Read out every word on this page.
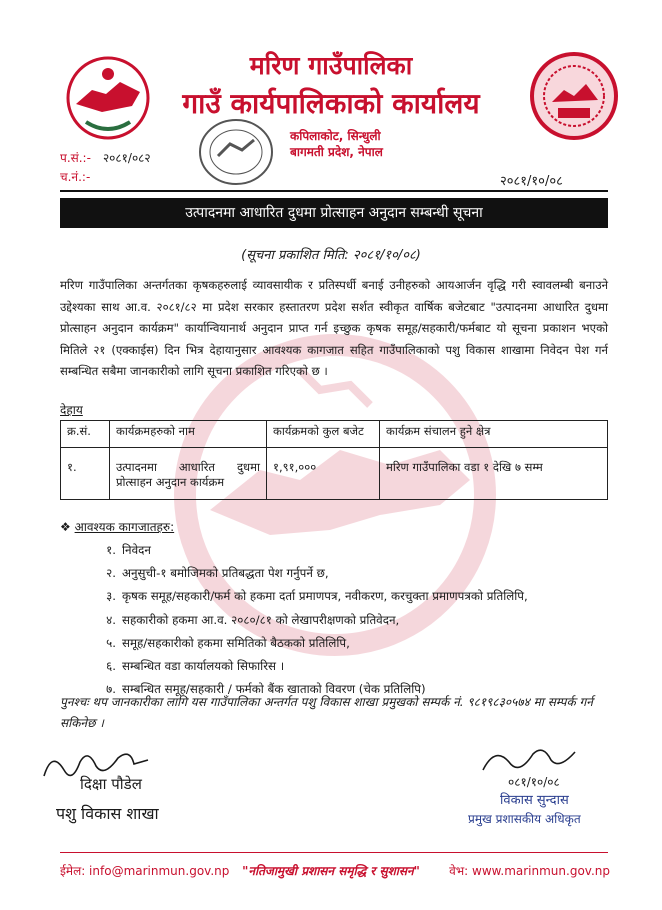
मरिण गाउँपालिका
गाउँ कार्यपालिकाको कार्यालय
कपिलाकोट, सिन्धुली
बागमती प्रदेश, नेपाल
प.सं.:- २०८१/०८२
च.नं.:-	२०८१/१०/०८
उत्पादनमा आधारित दुधमा प्रोत्साहन अनुदान सम्बन्धी सूचना
(सूचना प्रकाशित मिति: २०८१/१०/०८)
मरिण गाउँपालिका अन्तर्गतका कृषकहरुलाई व्यावसायीक र प्रतिस्पर्धी बनाई उनीहरुको आयआर्जन वृद्धि गरी स्वावलम्बी बनाउने उद्देश्यका साथ आ.व. २०८१/८२ मा प्रदेश सरकार हस्तातरण प्रदेश सर्शत स्वीकृत वार्षिक बजेटबाट "उत्पादनमा आधारित दुधमा प्रोत्साहन अनुदान कार्यक्रम" कार्यान्वियानार्थ अनुदान प्राप्त गर्न इच्छुक कृषक समूह/सहकारी/फर्मबाट यो सूचना प्रकाशन भएको मितिले २१ (एक्काईस) दिन भित्र देहायानुसार आवश्यक कागजात सहित गाउँपालिकाको पशु विकास शाखामा निवेदन पेश गर्न सम्बन्धित सबैमा जानकारीको लागि सूचना प्रकाशित गरिएको छ ।
देहाय
क्र.सं.	कार्यक्रमहरुको नाम	कार्यक्रमको कुल बजेट	कार्यक्रम संचालन हुने क्षेत्र
१.	उत्पादनमा आधारित दुधमा प्रोत्साहन अनुदान कार्यक्रम	१,९१,०००	मरिण गाउँपालिका वडा १ देखि ७ सम्म
❖ आवश्यक कागजातहरु:
१. निवेदन
२. अनुसुची-१ बमोजिमको प्रतिबद्धता पेश गर्नुपर्ने छ,
३. कृषक समूह/सहकारी/फर्म को हकमा दर्ता प्रमाणपत्र, नवीकरण, करचुक्ता प्रमाणपत्रको प्रतिलिपि,
४. सहकारीको हकमा आ.व. २०८०/८१ को लेखापरीक्षणको प्रतिवेदन,
५. समूह/सहकारीको हकमा समितिको बैठकको प्रतिलिपि,
६. सम्बन्धित वडा कार्यालयको सिफारिस ।
७. सम्बन्धित समूह/सहकारी / फर्मको बैंक खाताको विवरण (चेक प्रतिलिपि)
पुनश्चः थप जानकारीका लागि यस गाउँपालिका अन्तर्गत पशु विकास शाखा प्रमुखको सम्पर्क नं. ९८१९८३०५७४ मा सम्पर्क गर्न सकिनेछ ।
दिक्षा पौडेल
पशु विकास शाखा
०८१/१०/०८
विकास सुन्दास
प्रमुख प्रशासकीय अधिकृत
ईमेल: info@marinmun.gov.np	"नतिजामुखी प्रशासन समृद्धि र सुशासन"	वेभ: www.marinmun.gov.np
